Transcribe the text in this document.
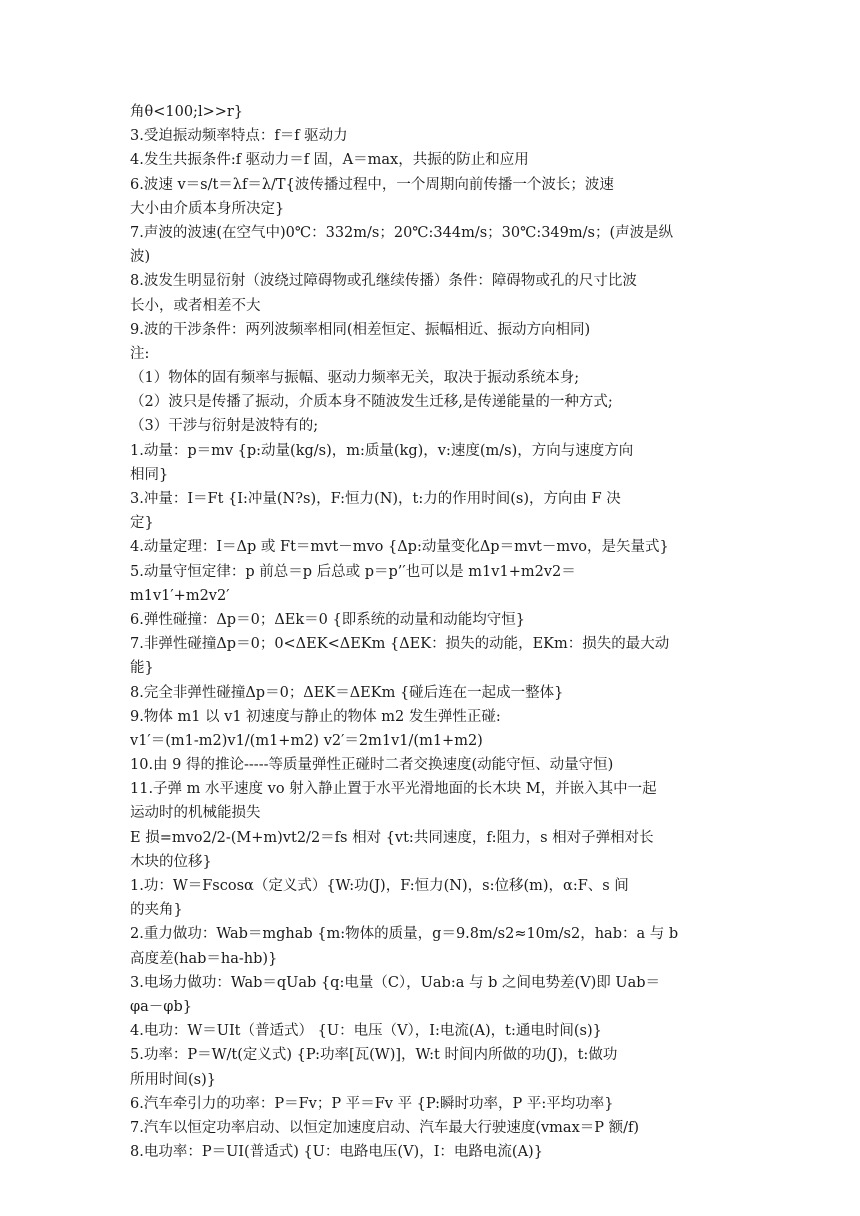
角θ<100;l>>r}
3.受迫振动频率特点：f＝f 驱动力
4.发生共振条件:f 驱动力＝f 固，A＝max，共振的防止和应用
6.波速 v＝s/t＝λf＝λ/T{波传播过程中，一个周期向前传播一个波长；波速
大小由介质本身所决定}
7.声波的波速(在空气中)0℃：332m/s；20℃:344m/s；30℃:349m/s；(声波是纵
波)
8.波发生明显衍射（波绕过障碍物或孔继续传播）条件：障碍物或孔的尺寸比波
长小，或者相差不大
9.波的干涉条件：两列波频率相同(相差恒定、振幅相近、振动方向相同)
注:
（1）物体的固有频率与振幅、驱动力频率无关，取决于振动系统本身;
（2）波只是传播了振动，介质本身不随波发生迁移,是传递能量的一种方式;
（3）干涉与衍射是波特有的;
1.动量：p＝mv {p:动量(kg/s)，m:质量(kg)，v:速度(m/s)，方向与速度方向
相同}
3.冲量：I＝Ft {I:冲量(N?s)，F:恒力(N)，t:力的作用时间(s)，方向由 F 决
定}
4.动量定理：I＝Δp 或 Ft＝mvt－mvo {Δp:动量变化Δp＝mvt－mvo，是矢量式}
5.动量守恒定律：p 前总＝p 后总或 p＝p’′也可以是 m1v1+m2v2＝
m1v1′+m2v2′
6.弹性碰撞：Δp＝0；ΔEk＝0 {即系统的动量和动能均守恒}
7.非弹性碰撞Δp＝0；0<ΔEK<ΔEKm {ΔEK：损失的动能，EKm：损失的最大动
能}
8.完全非弹性碰撞Δp＝0；ΔEK＝ΔEKm {碰后连在一起成一整体}
9.物体 m1 以 v1 初速度与静止的物体 m2 发生弹性正碰:
v1′＝(m1-m2)v1/(m1+m2) v2′＝2m1v1/(m1+m2)
10.由 9 得的推论-----等质量弹性正碰时二者交换速度(动能守恒、动量守恒)
11.子弹 m 水平速度 vo 射入静止置于水平光滑地面的长木块 M，并嵌入其中一起
运动时的机械能损失
E 损=mvo2/2-(M+m)vt2/2＝fs 相对 {vt:共同速度，f:阻力，s 相对子弹相对长
木块的位移}
1.功：W＝Fscosα（定义式）{W:功(J)，F:恒力(N)，s:位移(m)，α:F、s 间
的夹角}
2.重力做功：Wab＝mghab {m:物体的质量，g＝9.8m/s2≈10m/s2，hab：a 与 b
高度差(hab＝ha-hb)}
3.电场力做功：Wab＝qUab {q:电量（C），Uab:a 与 b 之间电势差(V)即 Uab＝
φa－φb}
4.电功：W＝UIt（普适式） {U：电压（V），I:电流(A)，t:通电时间(s)}
5.功率：P＝W/t(定义式) {P:功率[瓦(W)]，W:t 时间内所做的功(J)，t:做功
所用时间(s)}
6.汽车牵引力的功率：P＝Fv；P 平＝Fv 平 {P:瞬时功率，P 平:平均功率}
7.汽车以恒定功率启动、以恒定加速度启动、汽车最大行驶速度(vmax＝P 额/f)
8.电功率：P＝UI(普适式) {U：电路电压(V)，I：电路电流(A)}
